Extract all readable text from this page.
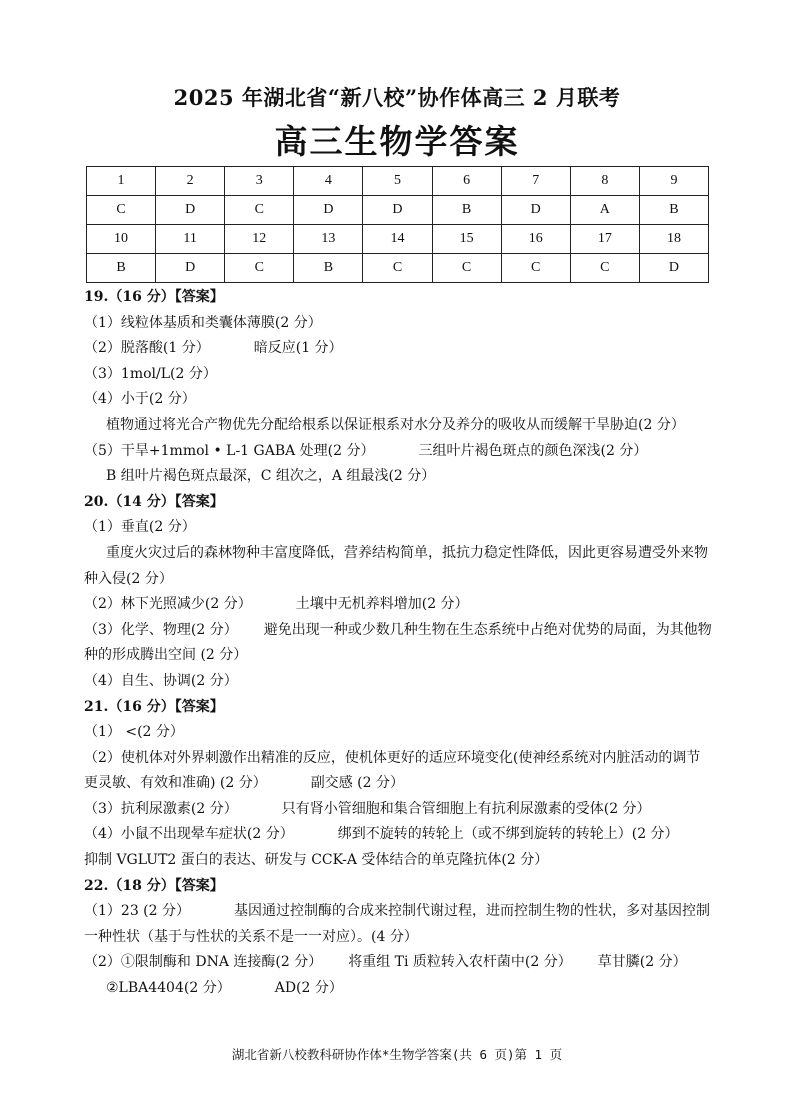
2025 年湖北省“新八校”协作体高三 2 月联考
高三生物学答案
1	2	3	4	5	6	7	8	9
C	D	C	D	D	B	D	A	B
10	11	12	13	14	15	16	17	18
B	D	C	B	C	C	C	C	D
19.（16 分）【答案】
（1）线粒体基质和类囊体薄膜(2 分）
（2）脱落酸(1 分）	暗反应(1 分）
（3）1mol/L(2 分）
（4）小于(2 分）
植物通过将光合产物优先分配给根系以保证根系对水分及养分的吸收从而缓解干旱胁迫(2 分）
（5）干旱+1mmol • L-1 GABA 处理(2 分）	三组叶片褐色斑点的颜色深浅(2 分）
B 组叶片褐色斑点最深，C 组次之，A 组最浅(2 分）
20.（14 分）【答案】
（1）垂直(2 分）
重度火灾过后的森林物种丰富度降低，营养结构简单，抵抗力稳定性降低，因此更容易遭受外来物种入侵(2 分）
（2）林下光照减少(2 分）	土壤中无机养料增加(2 分）
（3）化学、物理(2 分） 避免出现一种或少数几种生物在生态系统中占绝对优势的局面，为其他物种的形成腾出空间 (2 分）
（4）自生、协调(2 分）
21.（16 分）【答案】
（1） <(2 分）
（2）使机体对外界刺激作出精准的反应，使机体更好的适应环境变化(使神经系统对内脏活动的调节更灵敏、有效和准确) (2 分）	副交感 (2 分）
（3）抗利尿激素(2 分）	只有肾小管细胞和集合管细胞上有抗利尿激素的受体(2 分）
（4）小鼠不出现晕车症状(2 分）	绑到不旋转的转轮上（或不绑到旋转的转轮上）(2 分）
抑制 VGLUT2 蛋白的表达、研发与 CCK-A 受体结合的单克隆抗体(2 分）
22.（18 分）【答案】
（1）23 (2 分）	基因通过控制酶的合成来控制代谢过程，进而控制生物的性状，多对基因控制一种性状（基于与性状的关系不是一一对应）。(4 分）
（2）①限制酶和 DNA 连接酶(2 分） 将重组 Ti 质粒转入农杆菌中(2 分） 草甘膦(2 分）
②LBA4404(2 分）	AD(2 分）
湖北省新八校教科研协作体*生物学答案(共 6 页)第 1 页
